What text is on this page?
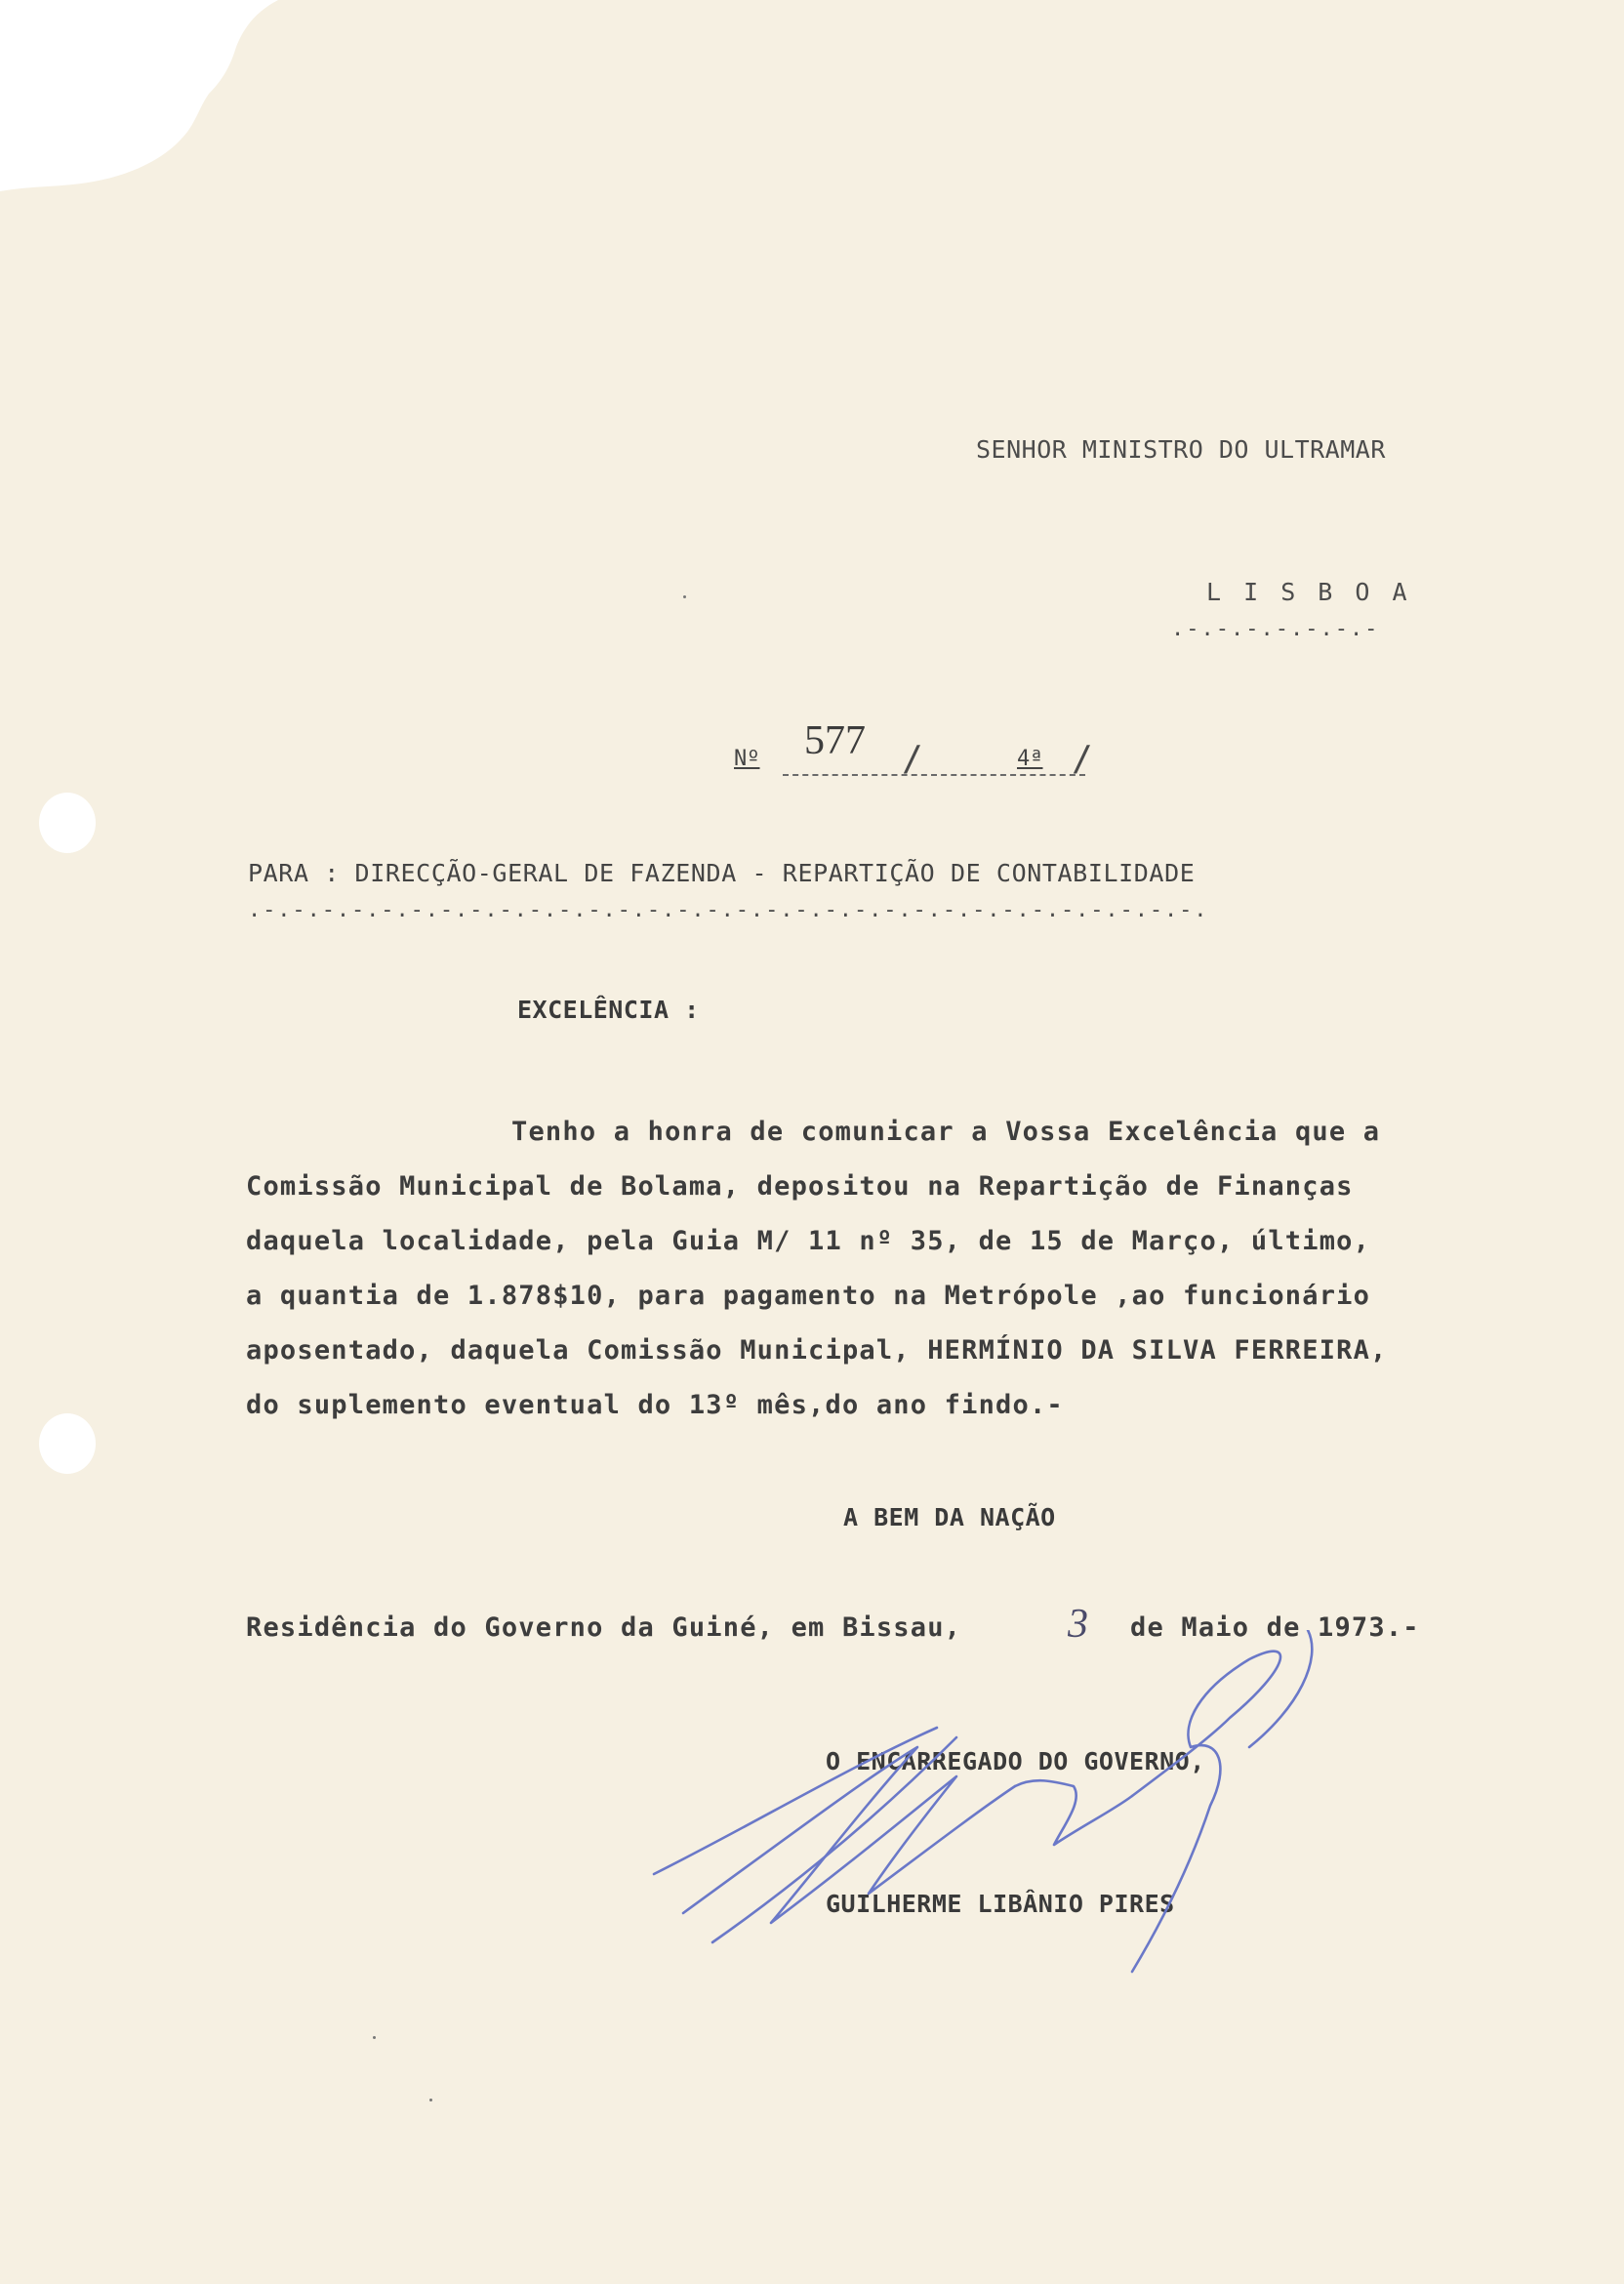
SENHOR MINISTRO DO ULTRAMAR
L I S B O A
.-.-.-.-.-.-.-
Nº 577 /	4ª /
PARA : DIRECÇÃO-GERAL DE FAZENDA - REPARTIÇÃO DE CONTABILIDADE
.-.-.-.-.-.-.-.-.-.-.-.-.-.-.-.-.-.-.-.-.-.-.-.-.-.-.-.-.-.-.-.-.
EXCELÊNCIA :
Tenho a honra de comunicar a Vossa Excelência que a
Comissão Municipal de Bolama, depositou na Repartição de Finanças
daquela localidade, pela Guia M/ 11 nº 35, de 15 de Março, último,
a quantia de 1.878$10, para pagamento na Metrópole ,ao funcionário
aposentado, daquela Comissão Municipal, HERMÍNIO DA SILVA FERREIRA,
do suplemento eventual do 13º mês,do ano findo.-
A BEM DA NAÇÃO
Residência do Governo da Guiné, em Bissau,	3 de Maio de 1973.-
O ENCARREGADO DO GOVERNO,
GUILHERME LIBÂNIO PIRES
